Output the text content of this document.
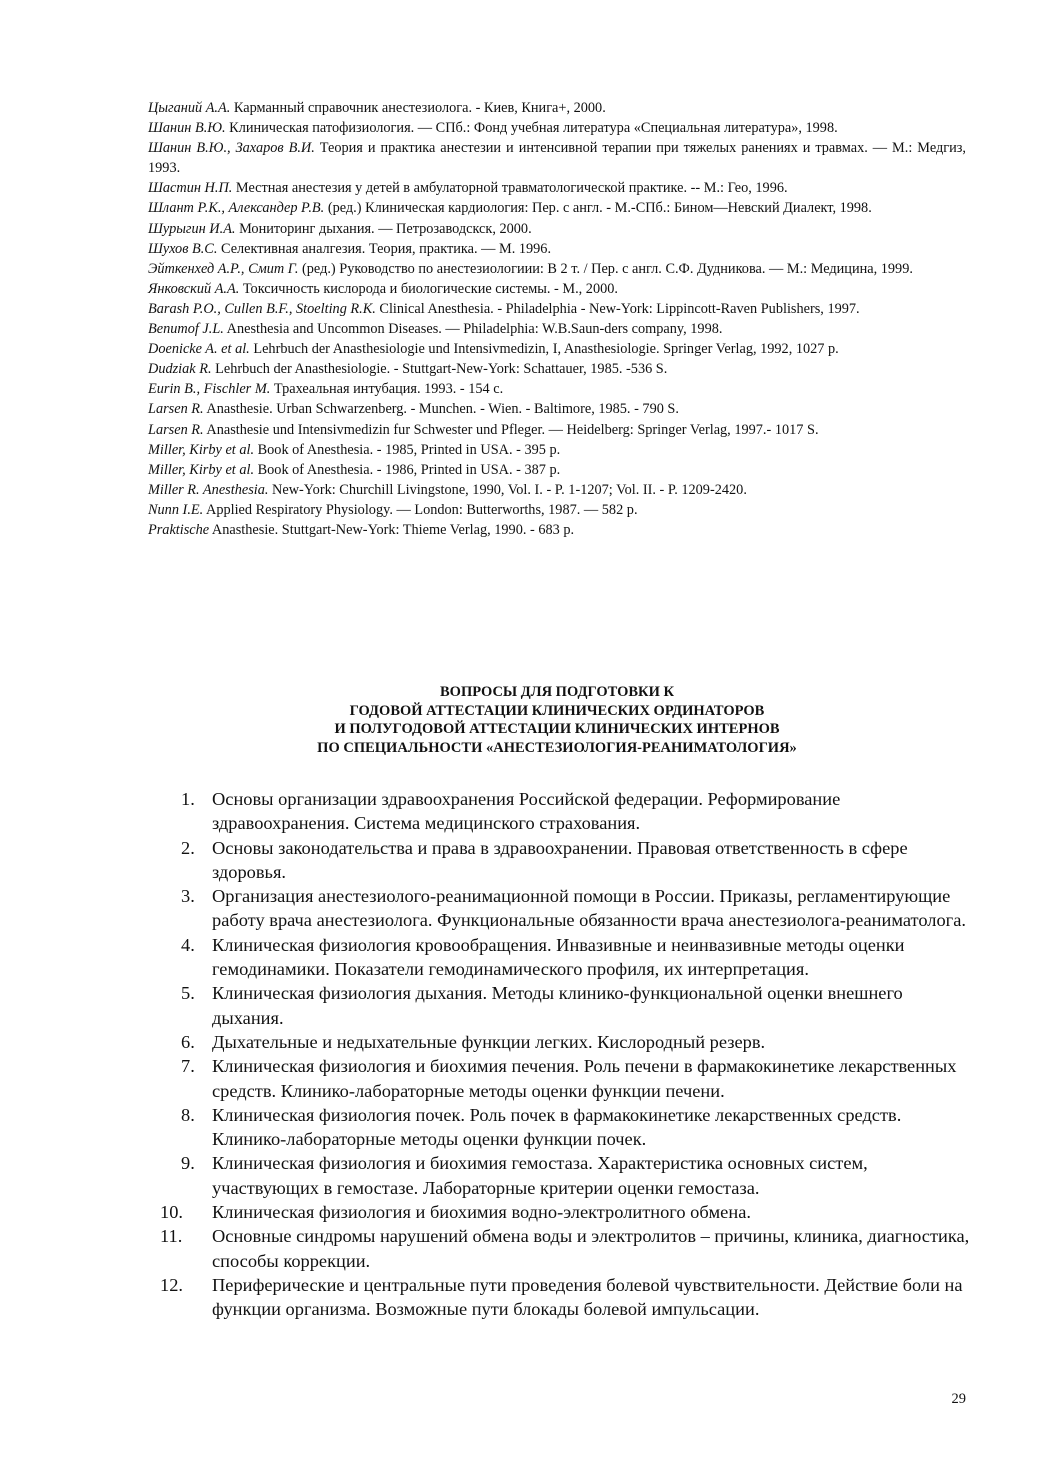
Цыганий А.А. Карманный справочник анестезиолога. - Киев, Книга+, 2000.

Шанин В.Ю. Клиническая патофизиология. — СПб.: Фонд учебная литература «Специальная литература», 1998.

Шанин В.Ю., Захаров В.И. Теория и практика анестезии и интенсивной терапии при тяжелых ранениях и травмах. — М.: Медгиз, 1993.

Шастин Н.П. Местная анестезия у детей в амбулаторной травматологической практике. -- М.: Гео, 1996.

Шлант Р.К., Александер Р.В. (ред.) Клиническая кардиология: Пер. с англ. - М.-СПб.: Бином—Невский Диалект, 1998.

Шурыгин И.А. Мониторинг дыхания. — Петрозаводскск, 2000.

Шухов В.С. Селективная аналгезия. Теория, практика. — М. 1996.

Эйткенхед А.Р., Смит Г. (ред.) Руководство по анестезиологиии: В 2 т. / Пер. с англ. С.Ф. Дудникова. — М.: Медицина, 1999.

Янковский А.А. Токсичность кислорода и биологические системы. - М., 2000.

Barash P.O., Cullen B.F., Stoelting R.K. Clinical Anesthesia. - Philadelphia - New-York: Lippincott-Raven Publishers, 1997.

Benumof J.L. Anesthesia and Uncommon Diseases. — Philadelphia: W.B.Saun-ders company, 1998.

Doenicke A. et al. Lehrbuch der Anasthesiologie und Intensivmedizin, I, Anasthesiologie. Springer Verlag, 1992, 1027 p.

Dudziak R. Lehrbuch der Anasthesiologie. - Stuttgart-New-York: Schattauer, 1985. -536 S.

Eurin B., Fischler M. Трахеальная интубация. 1993. - 154 с.

Larsen R. Anasthesie. Urban Schwarzenberg. - Munchen. - Wien. - Baltimore, 1985. - 790 S.

Larsen R. Anasthesie und Intensivmedizin fur Schwester und Pfleger. — Heidelberg: Springer Verlag, 1997.- 1017 S.

Miller, Kirby et al. Book of Anesthesia. - 1985, Printed in USA. - 395 p.

Miller, Kirby et al. Book of Anesthesia. - 1986, Printed in USA. - 387 p.

Miller R. Anesthesia. New-York: Churchill Livingstone, 1990, Vol. I. - P. 1-1207; Vol. II. - P. 1209-2420.

Nunn I.E. Applied Respiratory Physiology. — London: Butterworths, 1987. — 582 p.

Praktische Anasthesie. Stuttgart-New-York: Thieme Verlag, 1990. - 683 p.

ВОПРОСЫ ДЛЯ ПОДГОТОВКИ К
ГОДОВОЙ АТТЕСТАЦИИ КЛИНИЧЕСКИХ ОРДИНАТОРОВ
И ПОЛУГОДОВОЙ АТТЕСТАЦИИ КЛИНИЧЕСКИХ ИНТЕРНОВ
ПО СПЕЦИАЛЬНОСТИ «АНЕСТЕЗИОЛОГИЯ-РЕАНИМАТОЛОГИЯ»
1. Основы организации здравоохранения Российской федерации. Реформирование здравоохранения. Система медицинского страхования.
2. Основы законодательства и права в здравоохранении. Правовая ответственность в сфере здоровья.
3. Организация анестезиолого-реанимационной помощи в России. Приказы, регламентирующие работу врача анестезиолога. Функциональные обязанности врача анестезиолога-реаниматолога.
4. Клиническая физиология кровообращения. Инвазивные и неинвазивные методы оценки гемодинамики. Показатели гемодинамического профиля, их интерпретация.
5. Клиническая физиология дыхания. Методы клинико-функциональной оценки внешнего дыхания.
6. Дыхательные и недыхательные функции легких. Кислородный резерв.
7. Клиническая физиология и биохимия печения. Роль печени в фармакокинетике лекарственных средств. Клинико-лабораторные методы оценки функции печени.
8. Клиническая физиология почек. Роль почек в фармакокинетике лекарственных средств. Клинико-лабораторные методы оценки функции почек.
9. Клиническая физиология и биохимия гемостаза. Характеристика основных систем, участвующих в гемостазе. Лабораторные критерии оценки гемостаза.
10.	Клиническая физиология и биохимия водно-электролитного обмена.
11.	Основные синдромы нарушений обмена воды и электролитов – причины, клиника, диагностика, способы коррекции.
12.	Периферические и центральные пути проведения болевой чувствительности. Действие боли на функции организма. Возможные пути блокады болевой импульсации.
29
